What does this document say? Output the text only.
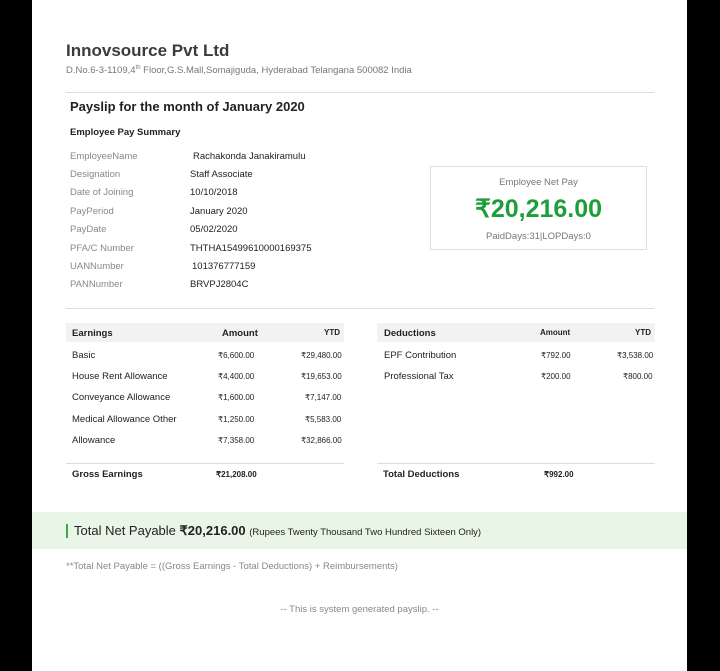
Innovsource Pvt Ltd
D.No.6-3-1109,4th Floor,G.S.Mall,Somajiguda, Hyderabad Telangana 500082 India
Payslip for the month of January 2020
Employee Pay Summary
EmployeeName	Rachakonda Janakiramulu
Designation	Staff Associate
Date of Joining	10/10/2018
PayPeriod	January 2020
PayDate	05/02/2020
PFA/C Number	THTHA15499610000169375
UANNumber	101376777159
PANNumber	BRVPJ2804C
Employee Net Pay
₹20,216.00
PaidDays:31|LOPDays:0
Earnings	Amount	YTD
Basic	₹6,600.00	₹29,480.00
House Rent Allowance	₹4,400.00	₹19,653.00
Conveyance Allowance	₹1,600.00	₹7,147.00
Medical Allowance Other	₹1,250.00	₹5,583.00
Allowance	₹7,358.00	₹32,866.00
Gross Earnings	₹21,208.00
Deductions	Amount	YTD
EPF Contribution	₹792.00	₹3,538.00
Professional Tax	₹200.00	₹800.00
Total Deductions	₹992.00
Total Net Payable ₹20,216.00 (Rupees Twenty Thousand Two Hundred Sixteen Only)
**Total Net Payable = ((Gross Earnings - Total Deductions) + Reimbursements)
-- This is system generated payslip. --
